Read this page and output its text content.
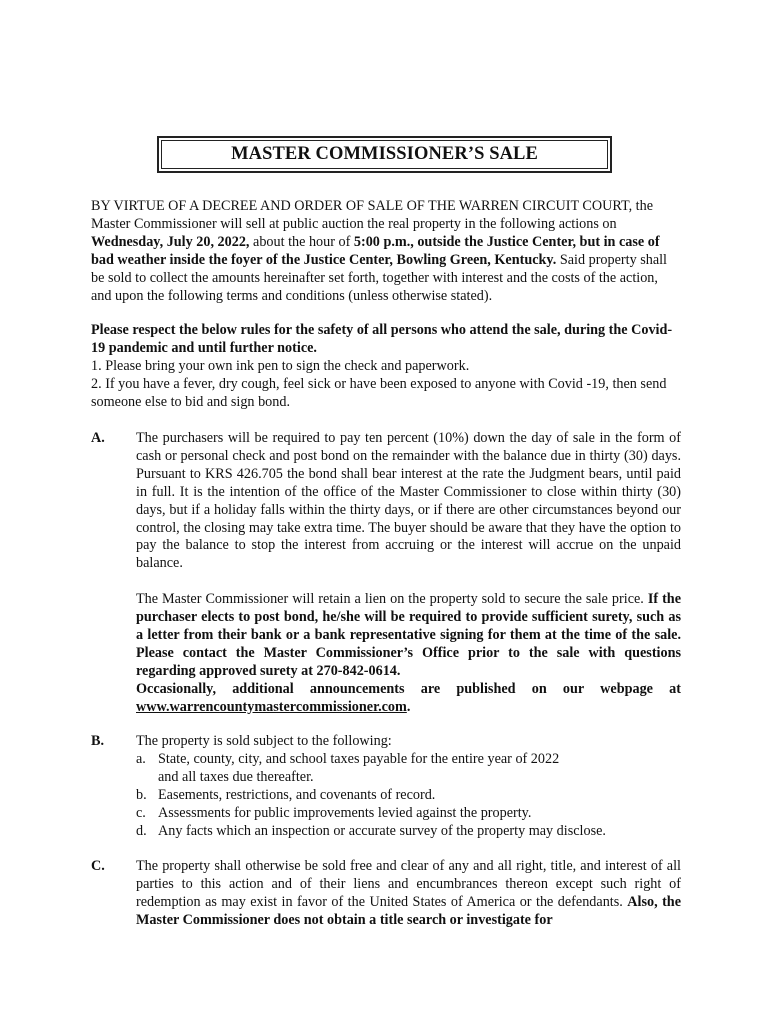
MASTER COMMISSIONER’S SALE
BY VIRTUE OF A DECREE AND ORDER OF SALE OF THE WARREN CIRCUIT COURT, the Master Commissioner will sell at public auction the real property in the following actions on Wednesday, July 20, 2022, about the hour of 5:00 p.m., outside the Justice Center, but in case of bad weather inside the foyer of the Justice Center, Bowling Green, Kentucky. Said property shall be sold to collect the amounts hereinafter set forth, together with interest and the costs of the action, and upon the following terms and conditions (unless otherwise stated).

Please respect the below rules for the safety of all persons who attend the sale, during the Covid-19 pandemic and until further notice.

1. Please bring your own ink pen to sign the check and paperwork.

2. If you have a fever, dry cough, feel sick or have been exposed to anyone with Covid -19, then send someone else to bid and sign bond.

A. The purchasers will be required to pay ten percent (10%) down the day of sale in the form of cash or personal check and post bond on the remainder with the balance due in thirty (30) days. Pursuant to KRS 426.705 the bond shall bear interest at the rate the Judgment bears, until paid in full. It is the intention of the office of the Master Commissioner to close within thirty (30) days, but if a holiday falls within the thirty days, or if there are other circumstances beyond our control, the closing may take extra time. The buyer should be aware that they have the option to pay the balance to stop the interest from accruing or the interest will accrue on the unpaid balance.

The Master Commissioner will retain a lien on the property sold to secure the sale price. If the purchaser elects to post bond, he/she will be required to provide sufficient surety, such as a letter from their bank or a bank representative signing for them at the time of the sale. Please contact the Master Commissioner’s Office prior to the sale with questions regarding approved surety at 270-842-0614.

Occasionally, additional announcements are published on our webpage at www.warrencountymastercommissioner.com.

B. The property is sold subject to the following:

a. State, county, city, and school taxes payable for the entire year of 2022
and all taxes due thereafter.
b. Easements, restrictions, and covenants of record.
c. Assessments for public improvements levied against the property.
d. Any facts which an inspection or accurate survey of the property may disclose.
C. The property shall otherwise be sold free and clear of any and all right, title, and interest of all parties to this action and of their liens and encumbrances thereon except such right of redemption as may exist in favor of the United States of America or the defendants. Also, the Master Commissioner does not obtain a title search or investigate for
